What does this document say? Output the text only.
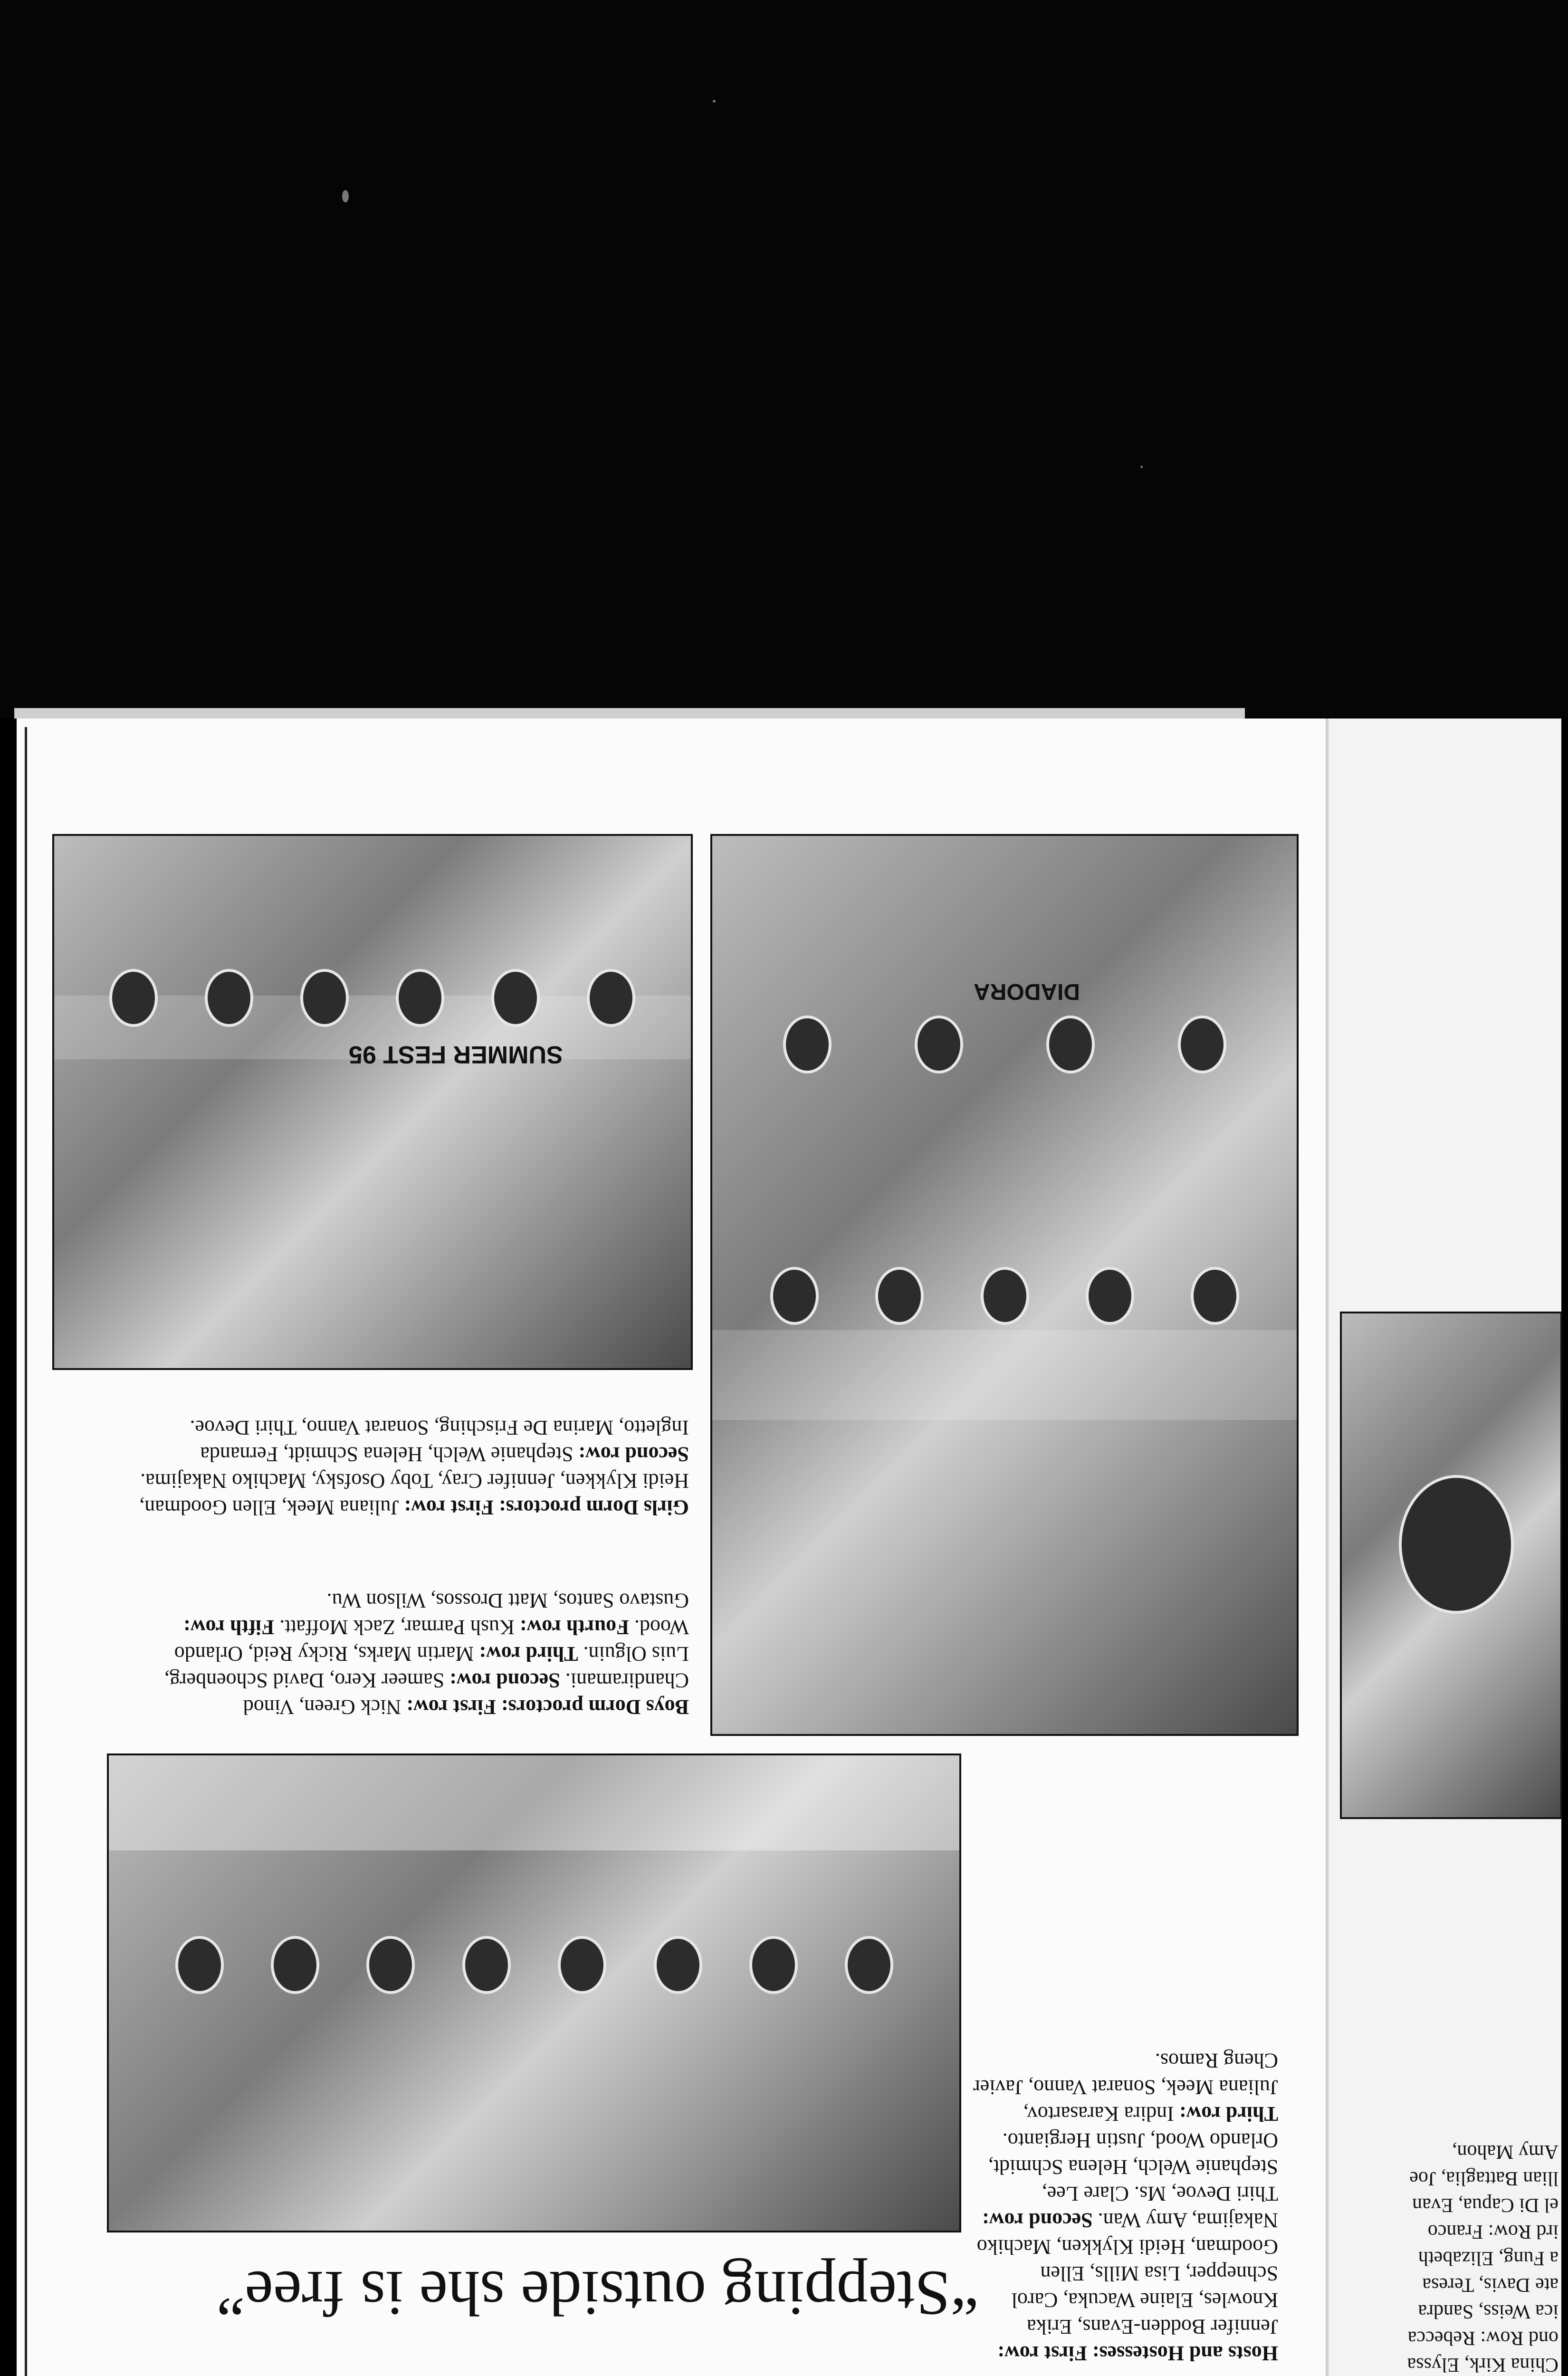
SUMMER FEST 95
DIADORA
Girls Dorm proctors: First row: Juliana Meek, Ellen Goodman, Heidi Klykken, Jennifer Cray, Toby Osofsky, Machiko Nakajima. Second row: Stephanie Welch, Helena Schmidt, Fernanda Ingletto, Marina De Frisching, Sonarat Vanno, Thiri Devoe.
Boys Dorm proctors: First row: Nick Green, Vinod Chandiramani. Second row: Sameer Kero, David Schoenberg, Luis Olguin. Third row: Martin Marks, Ricky Reid, Orlando Wood. Fourth row: Kush Parmar, Zack Moffatt. Fifth row: Gustavo Santos, Matt Drossos, Wilson Wu.
Hosts and Hostesses: First row: Jennifer Bodden-Evans, Erika Knowles, Elaine Wacuka, Carol Schnepper, Lisa Mills, Ellen Goodman, Heidi Klykken, Machiko Nakajima, Amy Wan. Second row: Thiri Devoe, Ms. Clare Lee, Stephanie Welch, Helena Schmidt, Orlando Wood, Justin Hergianto. Third row: Indira Karasartov, Juliana Meek, Sonarat Vanno, Javier Cheng Ramos.
“Stepping outside she is free”
China Kirk, Elyssa
ond Row: Rebecca
ica Weiss, Sandra
ate Davis, Teresa
a Fung, Elizabeth
ird Row: Franco
el Di Capua, Evan
llian Battaglia, Joe
Amy Mahon,
